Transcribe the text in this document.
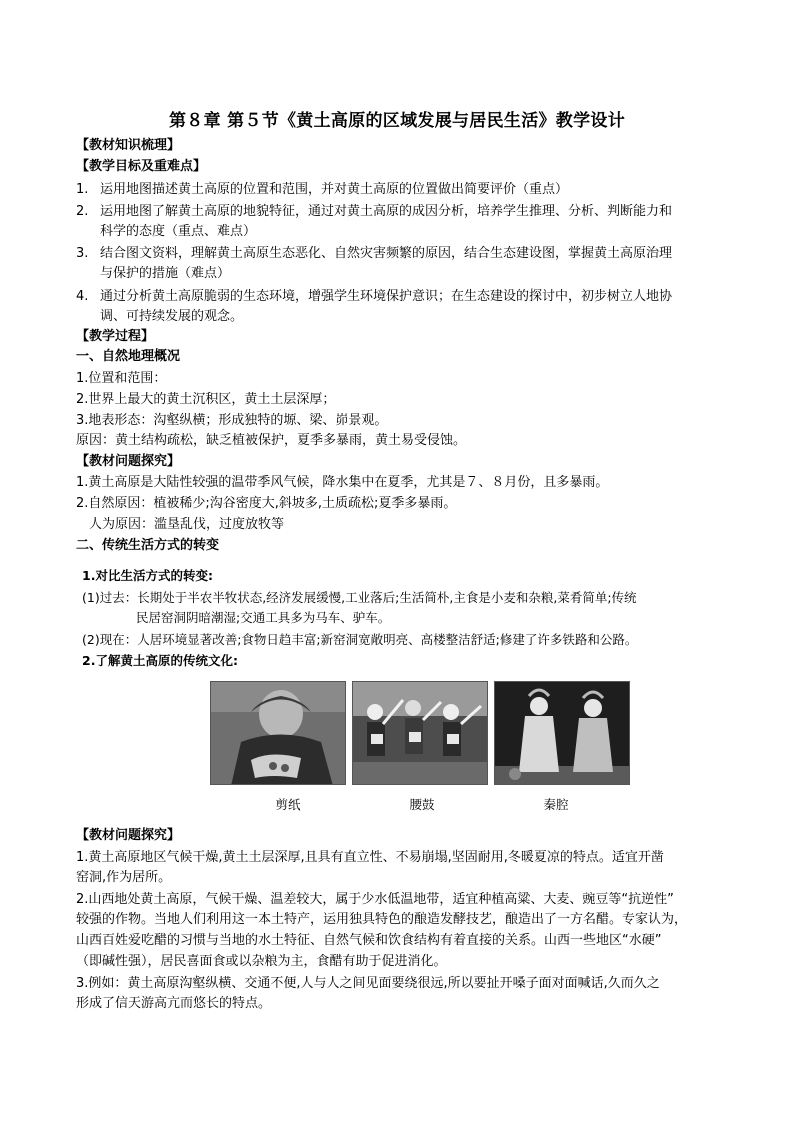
第８章 第５节《黄土高原的区域发展与居民生活》教学设计
【教材知识梳理】
【教学目标及重难点】
1. 运用地图描述黄土高原的位置和范围，并对黄土高原的位置做出简要评价（重点）
2. 运用地图了解黄土高原的地貌特征，通过对黄土高原的成因分析，培养学生推理、分析、判断能力和
科学的态度（重点、难点）
3. 结合图文资料，理解黄土高原生态恶化、自然灾害频繁的原因，结合生态建设图，掌握黄土高原治理
与保护的措施（难点）
4. 通过分析黄土高原脆弱的生态环境，增强学生环境保护意识；在生态建设的探讨中，初步树立人地协
调、可持续发展的观念。
【教学过程】
一、自然地理概况
1.位置和范围：
2.世界上最大的黄土沉积区，黄土土层深厚；
3.地表形态：沟壑纵横；形成独特的塬、梁、峁景观。
原因：黄土结构疏松，缺乏植被保护，夏季多暴雨，黄土易受侵蚀。
【教材问题探究】
1.黄土高原是大陆性较强的温带季风气候，降水集中在夏季，尤其是７、８月份，且多暴雨。
2.自然原因：植被稀少;沟谷密度大,斜坡多,土质疏松;夏季多暴雨。
　人为原因：滥垦乱伐，过度放牧等
二、传统生活方式的转变
1.对比生活方式的转变:
(1)过去：长期处于半农半牧状态,经济发展缓慢,工业落后;生活简朴,主食是小麦和杂粮,菜肴简单;传统
民居窑洞阴暗潮湿;交通工具多为马车、驴车。
(2)现在：人居环境显著改善;食物日趋丰富;新窑洞宽敞明亮、高楼整洁舒适;修建了许多铁路和公路。
2.了解黄土高原的传统文化:
剪纸	腰鼓	秦腔
【教材问题探究】
1.黄土高原地区气候干燥,黄土土层深厚,且具有直立性、不易崩塌,坚固耐用,冬暖夏凉的特点。适宜开凿
窑洞,作为居所。
2.山西地处黄土高原，气候干燥、温差较大，属于少水低温地带，适宜种植高粱、大麦、豌豆等“抗逆性”
较强的作物。当地人们利用这一本土特产，运用独具特色的酿造发酵技艺，酿造出了一方名醋。专家认为，
山西百姓爱吃醋的习惯与当地的水土特征、自然气候和饮食结构有着直接的关系。山西一些地区“水硬”
（即碱性强），居民喜面食或以杂粮为主，食醋有助于促进消化。
3.例如：黄土高原沟壑纵横、交通不便,人与人之间见面要绕很远,所以要扯开嗓子面对面喊话,久而久之
形成了信天游高亢而悠长的特点。
